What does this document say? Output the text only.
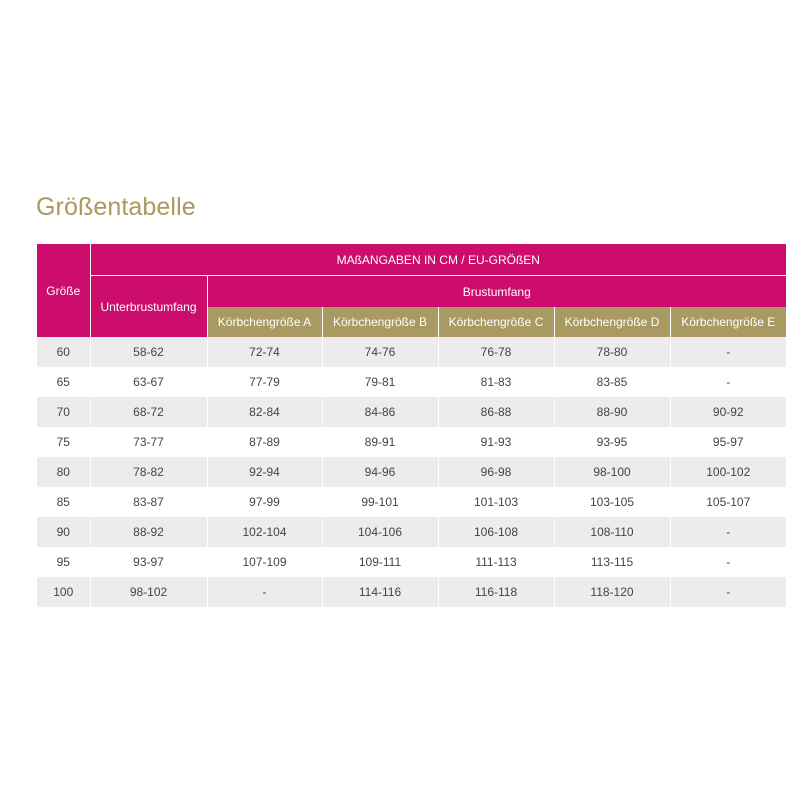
Größentabelle
Größe	MAßANGABEN IN CM / EU-GRÖßEN					
	Unterbrustumfang	Brustumfang				
		Körbchengröße A	Körbchengröße B	Körbchengröße C	Körbchengröße D	Körbchengröße E
60	58-62	72-74	74-76	76-78	78-80	-
65	63-67	77-79	79-81	81-83	83-85	-
70	68-72	82-84	84-86	86-88	88-90	90-92
75	73-77	87-89	89-91	91-93	93-95	95-97
80	78-82	92-94	94-96	96-98	98-100	100-102
85	83-87	97-99	99-101	101-103	103-105	105-107
90	88-92	102-104	104-106	106-108	108-110	-
95	93-97	107-109	109-111	111-113	113-115	-
100	98-102	-	114-116	116-118	118-120	-
